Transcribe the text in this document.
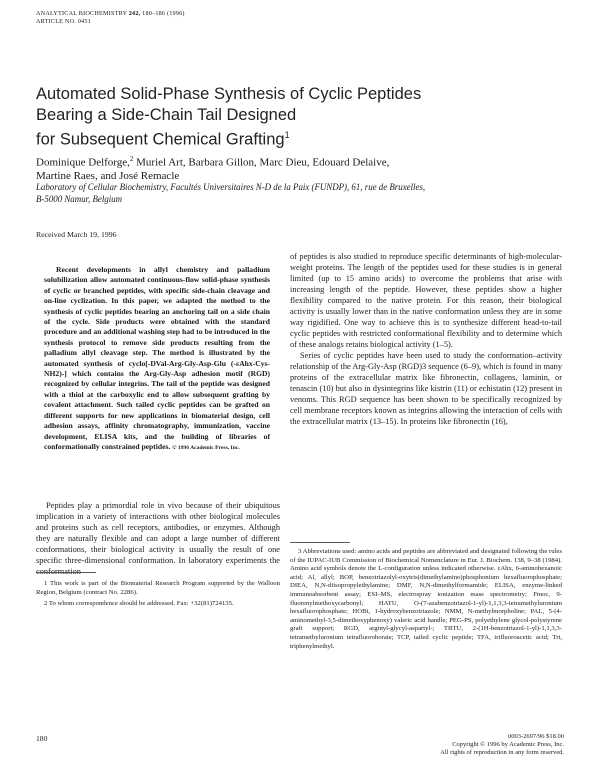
ANALYTICAL BIOCHEMISTRY 242, 180–186 (1996)
ARTICLE NO. 0451
Automated Solid-Phase Synthesis of Cyclic Peptides
Bearing a Side-Chain Tail Designed
for Subsequent Chemical Grafting$^1$
Dominique Delforge,$^2$ Muriel Art, Barbara Gillon, Marc Dieu, Edouard Delaive,
Martine Raes, and José Remacle
Laboratory of Cellular Biochemistry, Facultés Universitaires N-D de la Paix (FUNDP), 61, rue de Bruxelles,
B-5000 Namur, Belgium
Received March 19, 1996
Recent developments in allyl chemistry and palladium solubilization allow automated continuous-flow solid-phase synthesis of cyclic or branched peptides, with specific side-chain cleavage and on-line cyclization. In this paper, we adapted the method to the synthesis of cyclic peptides bearing an anchoring tail on a side chain of the cycle. Side products were obtained with the standard procedure and an additional washing step had to be introduced in the synthesis protocol to remove side products resulting from the palladium allyl cleavage step. The method is illustrated by the automated synthesis of cyclo[-DVal-Arg-Gly-Asp-Glu (-εAhx-Cys-NH2)-] which contains the Arg-Gly-Asp adhesion motif (RGD) recognized by cellular integrins. The tail of the peptide was designed with a thiol at the carboxylic end to allow subsequent grafting by covalent attachment. Such tailed cyclic peptides can be grafted on different supports for new applications in biomaterial design, cell adhesion assays, affinity chromatography, immunization, vaccine development, ELISA kits, and the building of libraries of conformationally constrained peptides. © 1996 Academic Press, Inc.

Peptides play a primordial role in vivo because of their ubiquitous implication in a variety of interactions with other biological molecules and proteins such as cell receptors, antibodies, or enzymes. Although they are naturally flexible and can adopt a large number of different conformations, their biological activity is usually the result of one specific three-dimensional conformation. In laboratory experiments the conformation

1 This work is part of the Biomaterial Research Program supported by the Walloon Region, Belgium (contract No. 2286).

2 To whom correspondence should be addressed. Fax: +32(81)724135.

of peptides is also studied to reproduce specific determinants of high-molecular-weight proteins. The length of the peptides used for these studies is in general limited (up to 15 amino acids) to overcome the problems that arise with increasing length of the peptide. However, these peptides show a higher flexibility compared to the native protein. For this reason, their biological activity is usually lower than in the native conformation unless they are in some way rigidified. One way to achieve this is to synthesize different head-to-tail cyclic peptides with restricted conformational flexibility and to determine which of these analogs retains biological activity (1–5).

Series of cyclic peptides have been used to study the conformation–activity relationship of the Arg-Gly-Asp (RGD)3 sequence (6–9), which is found in many proteins of the extracellular matrix like fibronectin, collagens, laminin, or tenascin (10) but also in dysintegrins like kistrin (11) or echistatin (12) present in venoms. This RGD sequence has been shown to be specifically recognized by cell membrane receptors known as integrins allowing the interaction of cells with the extracellular matrix (13–15). In proteins like fibronectin (16),

3 Abbreviations used: amino acids and peptides are abbreviated and designated following the rules of the IUPAC-IUB Commission of Biochemical Nomenclature in Eur. J. Biochem. 138, 9–38 (1984). Amino acid symbols denote the L-configuration unless indicated otherwise. εAhx, 6-aminohexanoic acid; Al, allyl; BOP, benzotriazolyl-oxytris(dimethylamino)phosphonium hexafluorophosphate; DIEA, N,N-diisopropylethylamine; DMF, N,N-dimethylformamide; ELISA, enzyme-linked immunoabsorbent assay; ESI–MS, electrospray ionization mass spectrometry; Fmoc, 9-fluorenylmethoxycarbonyl; HATU, O-(7-azabenzotriazol-1-yl)-1,1,3,3-tetramethyluronium hexafluorophosphate; HOBt, 1-hydroxybenzotriazole; NMM, N-methylmorpholine; PAL, 5-(4-aminomethyl-3,5-dimethoxyphenoxy) valeric acid handle; PEG-PS, polyethylene glycol-polystyrene graft support; RGD, arginyl-glycyl-aspartyl-; TBTU, 2-(1H-benzotriazol-1-yl)-1,1,3,3-tetramethyluronium tetrafluoroborate; TCP, tailed cyclic peptide; TFA, trifluoroacetic acid; Trt, triphenylmethyl.

180	0003-2697/96 $18.00
Copyright © 1996 by Academic Press, Inc.
All rights of reproduction in any form reserved.
